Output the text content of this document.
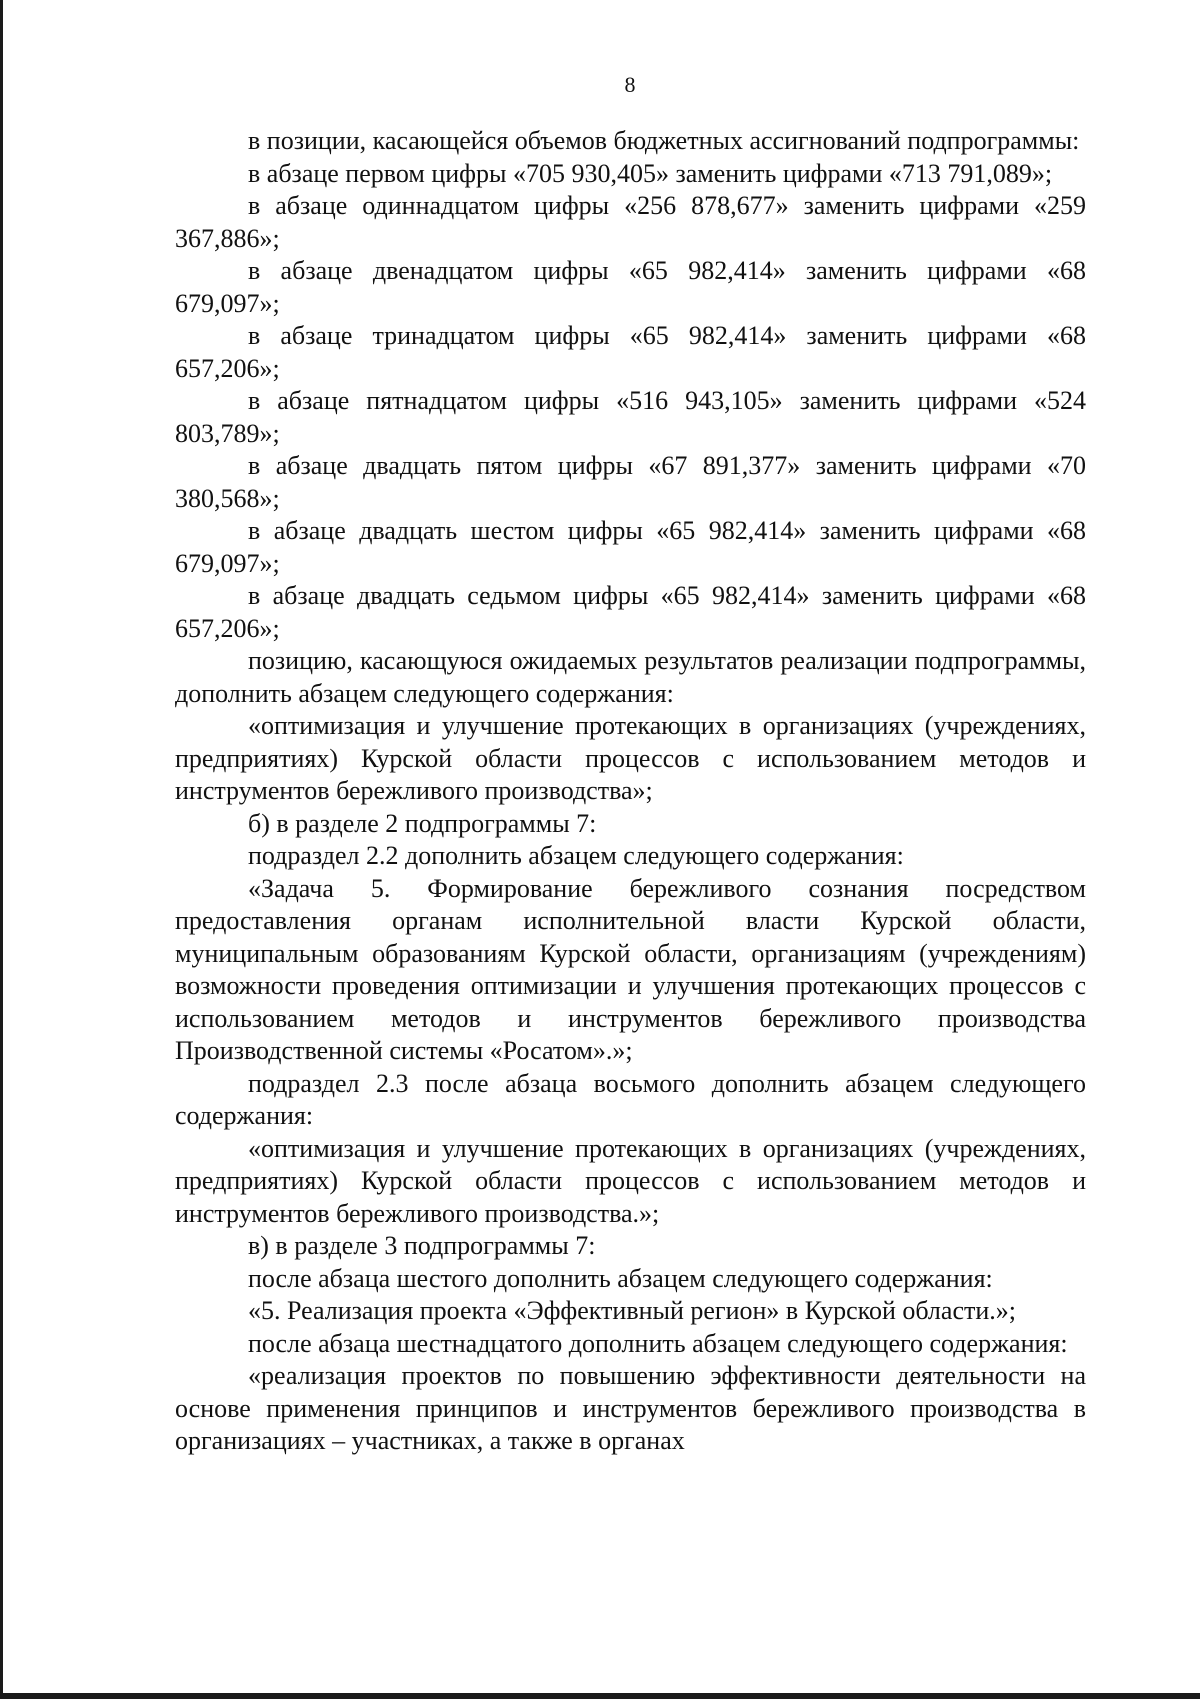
8

в позиции, касающейся объемов бюджетных ассигнований подпрограммы:

в абзаце первом цифры «705 930,405» заменить цифрами «713 791,089»;

в абзаце одиннадцатом цифры «256 878,677» заменить цифрами «259 367,886»;

в абзаце двенадцатом цифры «65 982,414» заменить цифрами «68 679,097»;

в абзаце тринадцатом цифры «65 982,414» заменить цифрами «68 657,206»;

в абзаце пятнадцатом цифры «516 943,105» заменить цифрами «524 803,789»;

в абзаце двадцать пятом цифры «67 891,377» заменить цифрами «70 380,568»;

в абзаце двадцать шестом цифры «65 982,414» заменить цифрами «68 679,097»;

в абзаце двадцать седьмом цифры «65 982,414» заменить цифрами «68 657,206»;

позицию, касающуюся ожидаемых результатов реализации подпрограммы, дополнить абзацем следующего содержания:

«оптимизация и улучшение протекающих в организациях (учреждениях, предприятиях) Курской области процессов с использованием методов и инструментов бережливого производства»;

б) в разделе 2 подпрограммы 7:

подраздел 2.2 дополнить абзацем следующего содержания:

«Задача 5. Формирование бережливого сознания посредством предоставления органам исполнительной власти Курской области, муниципальным образованиям Курской области, организациям (учреждениям) возможности проведения оптимизации и улучшения протекающих процессов с использованием методов и инструментов бережливого производства Производственной системы «Росатом».»;

подраздел 2.3 после абзаца восьмого дополнить абзацем следующего содержания:

«оптимизация и улучшение протекающих в организациях (учреждениях, предприятиях) Курской области процессов с использованием методов и инструментов бережливого производства.»;

в) в разделе 3 подпрограммы 7:

после абзаца шестого дополнить абзацем следующего содержания:

«5. Реализация проекта «Эффективный регион» в Курской области.»;

после абзаца шестнадцатого дополнить абзацем следующего содержания:

«реализация проектов по повышению эффективности деятельности на основе применения принципов и инструментов бережливого производства в организациях – участниках, а также в органах
